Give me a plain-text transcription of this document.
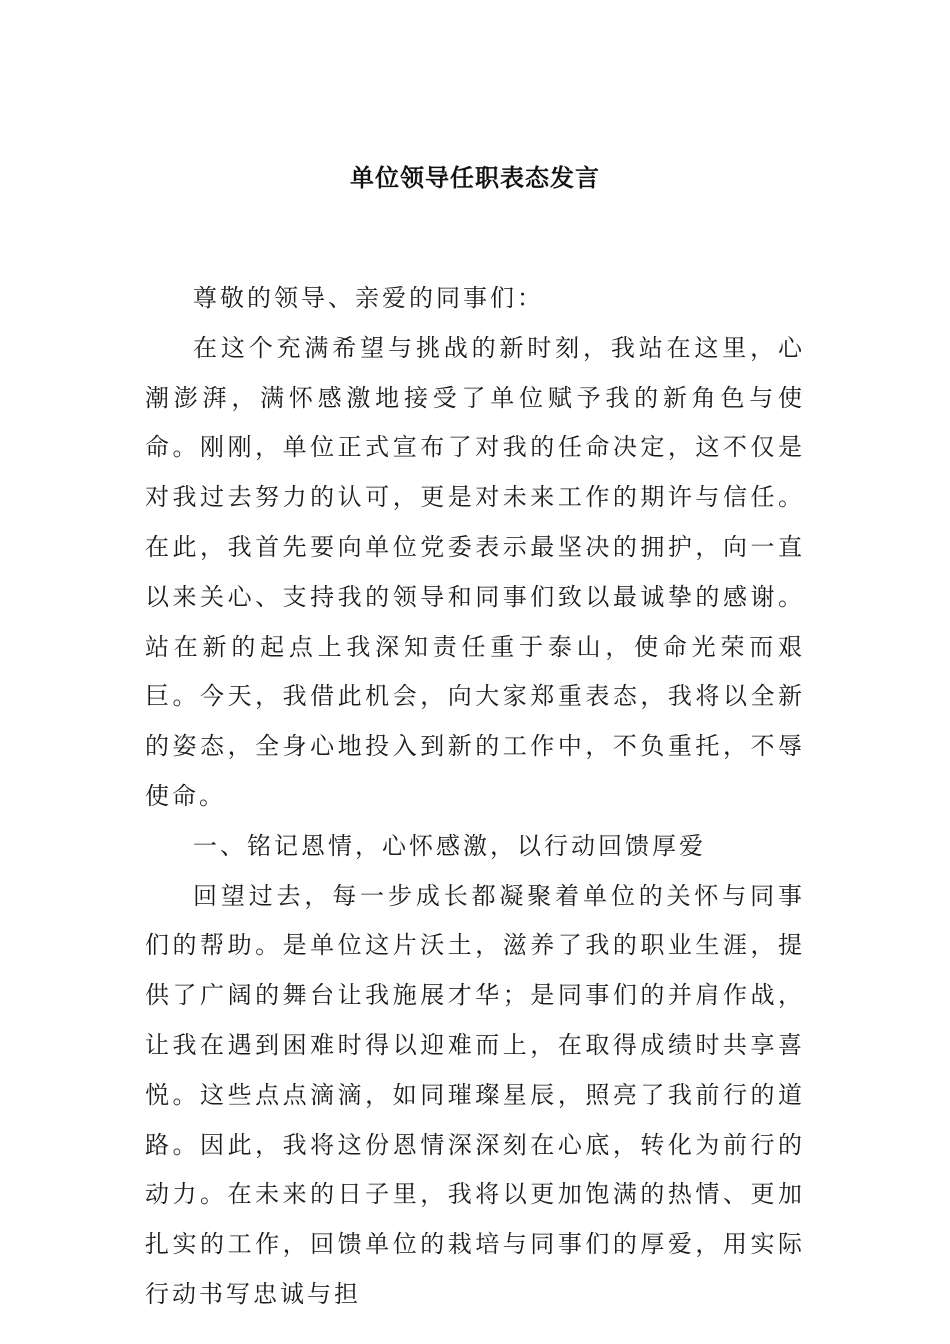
单位领导任职表态发言

尊敬的领导、亲爱的同事们：

在这个充满希望与挑战的新时刻，我站在这里，心潮澎湃，满怀感激地接受了单位赋予我的新角色与使命。刚刚，单位正式宣布了对我的任命决定，这不仅是对我过去努力的认可，更是对未来工作的期许与信任。在此，我首先要向单位党委表示最坚决的拥护，向一直以来关心、支持我的领导和同事们致以最诚挚的感谢。站在新的起点上我深知责任重于泰山，使命光荣而艰巨。今天，我借此机会，向大家郑重表态，我将以全新的姿态，全身心地投入到新的工作中，不负重托，不辱使命。

一、铭记恩情，心怀感激，以行动回馈厚爱

回望过去，每一步成长都凝聚着单位的关怀与同事们的帮助。是单位这片沃土，滋养了我的职业生涯，提供了广阔的舞台让我施展才华；是同事们的并肩作战，让我在遇到困难时得以迎难而上，在取得成绩时共享喜悦。这些点点滴滴，如同璀璨星辰，照亮了我前行的道路。因此，我将这份恩情深深刻在心底，转化为前行的动力。在未来的日子里，我将以更加饱满的热情、更加扎实的工作，回馈单位的栽培与同事们的厚爱，用实际行动书写忠诚与担
